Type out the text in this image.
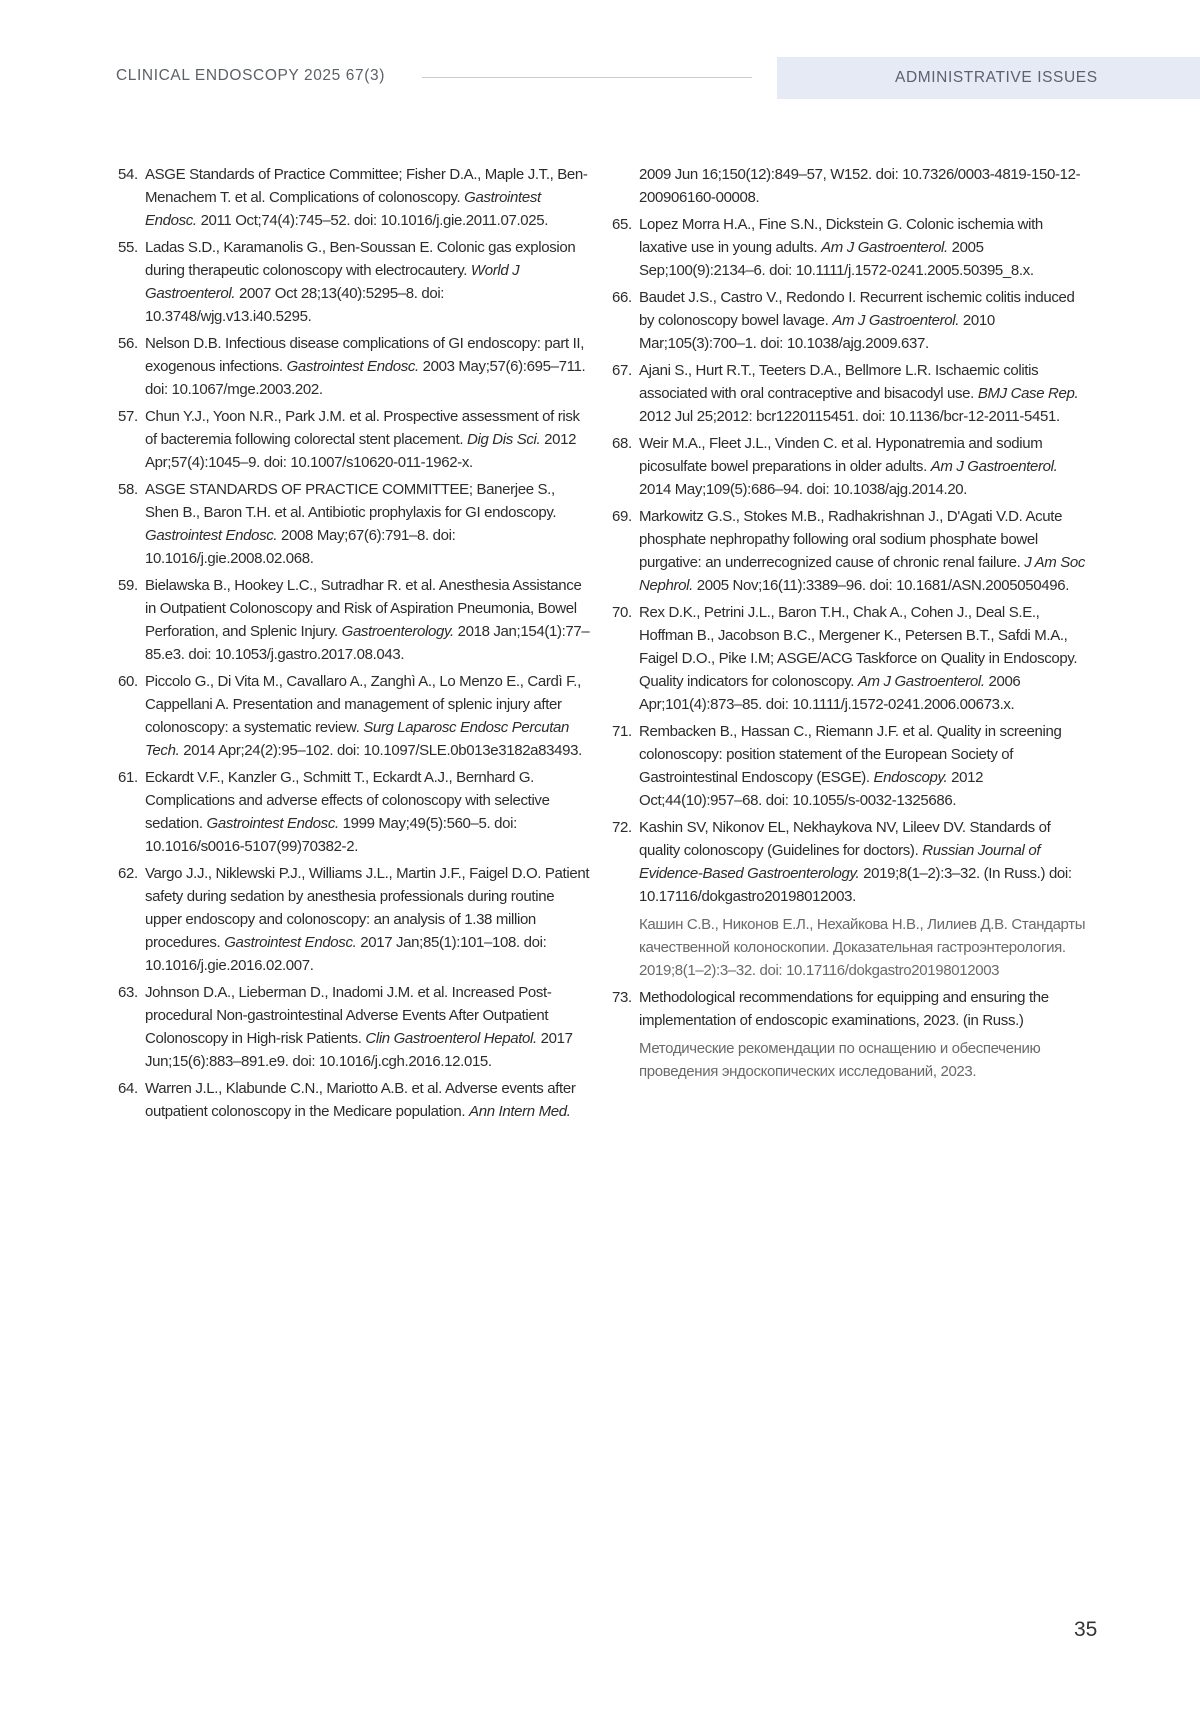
CLINICAL ENDOSCOPY 2025 67(3)	ADMINISTRATIVE ISSUES
54. ASGE Standards of Practice Committee; Fisher D.A., Maple J.T., Ben-Menachem T. et al. Complications of colonoscopy. Gastrointest Endosc. 2011 Oct;74(4):745–52. doi: 10.1016/j.gie.2011.07.025.
55. Ladas S.D., Karamanolis G., Ben-Soussan E. Colonic gas explosion during therapeutic colonoscopy with electrocautery. World J Gastroenterol. 2007 Oct 28;13(40):5295–8. doi: 10.3748/wjg.v13.i40.5295.
56. Nelson D.B. Infectious disease complications of GI endoscopy: part II, exogenous infections. Gastrointest Endosc. 2003 May;57(6):695–711. doi: 10.1067/mge.2003.202.
57. Chun Y.J., Yoon N.R., Park J.M. et al. Prospective assessment of risk of bacteremia following colorectal stent placement. Dig Dis Sci. 2012 Apr;57(4):1045–9. doi: 10.1007/s10620-011-1962-x.
58. ASGE STANDARDS OF PRACTICE COMMITTEE; Banerjee S., Shen B., Baron T.H. et al. Antibiotic prophylaxis for GI endoscopy. Gastrointest Endosc. 2008 May;67(6):791–8. doi: 10.1016/j.gie.2008.02.068.
59. Bielawska B., Hookey L.C., Sutradhar R. et al. Anesthesia Assistance in Outpatient Colonoscopy and Risk of Aspiration Pneumonia, Bowel Perforation, and Splenic Injury. Gastroenterology. 2018 Jan;154(1):77–85.e3. doi: 10.1053/j.gastro.2017.08.043.
60. Piccolo G., Di Vita M., Cavallaro A., Zanghì A., Lo Menzo E., Cardì F., Cappellani A. Presentation and management of splenic injury after colonoscopy: a systematic review. Surg Laparosc Endosc Percutan Tech. 2014 Apr;24(2):95–102. doi: 10.1097/SLE.0b013e3182a83493.
61. Eckardt V.F., Kanzler G., Schmitt T., Eckardt A.J., Bernhard G. Complications and adverse effects of colonoscopy with selective sedation. Gastrointest Endosc. 1999 May;49(5):560–5. doi: 10.1016/s0016-5107(99)70382-2.
62. Vargo J.J., Niklewski P.J., Williams J.L., Martin J.F., Faigel D.O. Patient safety during sedation by anesthesia professionals during routine upper endoscopy and colonoscopy: an analysis of 1.38 million procedures. Gastrointest Endosc. 2017 Jan;85(1):101–108. doi: 10.1016/j.gie.2016.02.007.
63. Johnson D.A., Lieberman D., Inadomi J.M. et al. Increased Post-procedural Non-gastrointestinal Adverse Events After Outpatient Colonoscopy in High-risk Patients. Clin Gastroenterol Hepatol. 2017 Jun;15(6):883–891.e9. doi: 10.1016/j.cgh.2016.12.015.
64. Warren J.L., Klabunde C.N., Mariotto A.B. et al. Adverse events after outpatient colonoscopy in the Medicare population. Ann Intern Med.
2009 Jun 16;150(12):849–57, W152. doi: 10.7326/0003-4819-150-12-200906160-00008.
65. Lopez Morra H.A., Fine S.N., Dickstein G. Colonic ischemia with laxative use in young adults. Am J Gastroenterol. 2005 Sep;100(9):2134–6. doi: 10.1111/j.1572-0241.2005.50395_8.x.
66. Baudet J.S., Castro V., Redondo I. Recurrent ischemic colitis induced by colonoscopy bowel lavage. Am J Gastroenterol. 2010 Mar;105(3):700–1. doi: 10.1038/ajg.2009.637.
67. Ajani S., Hurt R.T., Teeters D.A., Bellmore L.R. Ischaemic colitis associated with oral contraceptive and bisacodyl use. BMJ Case Rep. 2012 Jul 25;2012: bcr1220115451. doi: 10.1136/bcr-12-2011-5451.
68. Weir M.A., Fleet J.L., Vinden C. et al. Hyponatremia and sodium picosulfate bowel preparations in older adults. Am J Gastroenterol. 2014 May;109(5):686–94. doi: 10.1038/ajg.2014.20.
69. Markowitz G.S., Stokes M.B., Radhakrishnan J., D'Agati V.D. Acute phosphate nephropathy following oral sodium phosphate bowel purgative: an underrecognized cause of chronic renal failure. J Am Soc Nephrol. 2005 Nov;16(11):3389–96. doi: 10.1681/ASN.2005050496.
70. Rex D.K., Petrini J.L., Baron T.H., Chak A., Cohen J., Deal S.E., Hoffman B., Jacobson B.C., Mergener K., Petersen B.T., Safdi M.A., Faigel D.O., Pike I.M; ASGE/ACG Taskforce on Quality in Endoscopy. Quality indicators for colonoscopy. Am J Gastroenterol. 2006 Apr;101(4):873–85. doi: 10.1111/j.1572-0241.2006.00673.x.
71. Rembacken B., Hassan C., Riemann J.F. et al. Quality in screening colonoscopy: position statement of the European Society of Gastrointestinal Endoscopy (ESGE). Endoscopy. 2012 Oct;44(10):957–68. doi: 10.1055/s-0032-1325686.
72. Kashin SV, Nikonov EL, Nekhaykova NV, Lileev DV. Standards of quality colonoscopy (Guidelines for doctors). Russian Journal of Evidence-Based Gastroenterology. 2019;8(1–2):3–32. (In Russ.) doi: 10.17116/dokgastro20198012003.
Кашин С.В., Никонов Е.Л., Нехайкова Н.В., Лилиев Д.В. Стандарты качественной колоноскопии. Доказательная гастроэнтерология. 2019;8(1–2):3–32. doi: 10.17116/dokgastro20198012003
73. Methodological recommendations for equipping and ensuring the implementation of endoscopic examinations, 2023. (in Russ.)
Методические рекомендации по оснащению и обеспечению проведения эндоскопических исследований, 2023.
35
